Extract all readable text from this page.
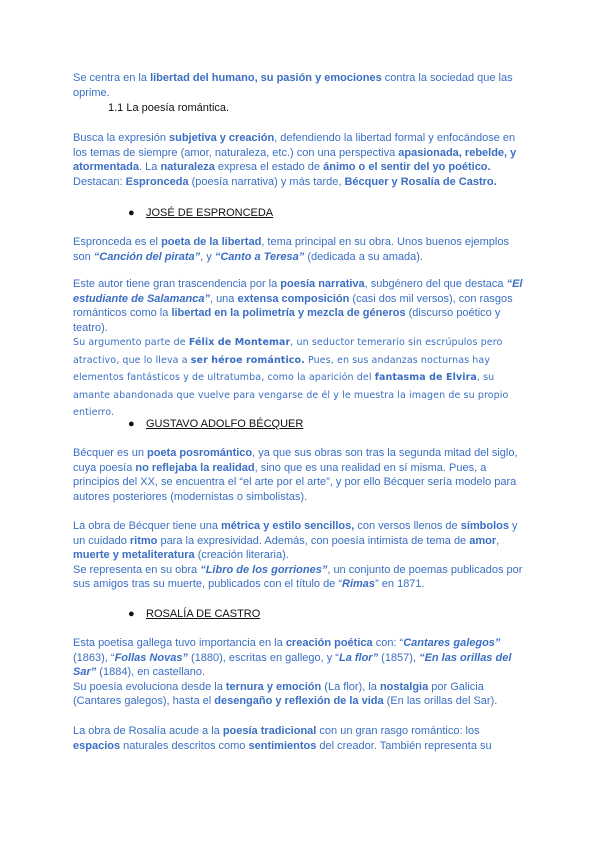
Se centra en la libertad del humano, su pasión y emociones contra la sociedad que las oprime.

1.1 La poesía romántica.

Busca la expresión subjetiva y creación, defendiendo la libertad formal y enfocándose en los temas de siempre (amor, naturaleza, etc.) con una perspectiva apasionada, rebelde, y atormentada. La naturaleza expresa el estado de ánimo o el sentir del yo poético.
Destacan: Espronceda (poesía narrativa) y más tarde, Bécquer y Rosalía de Castro.

● JOSÉ DE ESPRONCEDA

Espronceda es el poeta de la libertad, tema principal en su obra. Unos buenos ejemplos son “Canción del pirata”, y “Canto a Teresa” (dedicada a su amada).

Este autor tiene gran trascendencia por la poesía narrativa, subgénero del que destaca “El estudiante de Salamanca”, una extensa composición (casi dos mil versos), con rasgos románticos como la libertad en la polimetría y mezcla de géneros (discurso poético y teatro).

Su argumento parte de Félix de Montemar, un seductor temerario sin escrúpulos pero atractivo, que lo lleva a ser héroe romántico. Pues, en sus andanzas nocturnas hay elementos fantásticos y de ultratumba, como la aparición del fantasma de Elvira, su amante abandonada que vuelve para vengarse de él y le muestra la imagen de su propio entierro.

● GUSTAVO ADOLFO BÉCQUER

Bécquer es un poeta posromántico, ya que sus obras son tras la segunda mitad del siglo, cuya poesía no reflejaba la realidad, sino que es una realidad en sí misma. Pues, a principios del XX, se encuentra el “el arte por el arte”, y por ello Bécquer sería modelo para autores posteriores (modernistas o simbolistas).

La obra de Bécquer tiene una métrica y estilo sencillos, con versos llenos de símbolos y un cuidado ritmo para la expresividad. Además, con poesía intimista de tema de amor, muerte y metaliteratura (creación literaria).
Se representa en su obra “Libro de los gorriones”, un conjunto de poemas publicados por sus amigos tras su muerte, publicados con el título de “Rimas” en 1871.

● ROSALÍA DE CASTRO

Esta poetisa gallega tuvo importancia en la creación poética con: “Cantares galegos” (1863), “Follas Novas” (1880), escritas en gallego, y “La flor” (1857), “En las orillas del Sar” (1884), en castellano.
Su poesía evoluciona desde la ternura y emoción (La flor), la nostalgia por Galicia (Cantares galegos), hasta el desengaño y reflexión de la vida (En las orillas del Sar).

La obra de Rosalía acude a la poesía tradicional con un gran rasgo romántico: los espacios naturales descritos como sentimientos del creador. También representa su
